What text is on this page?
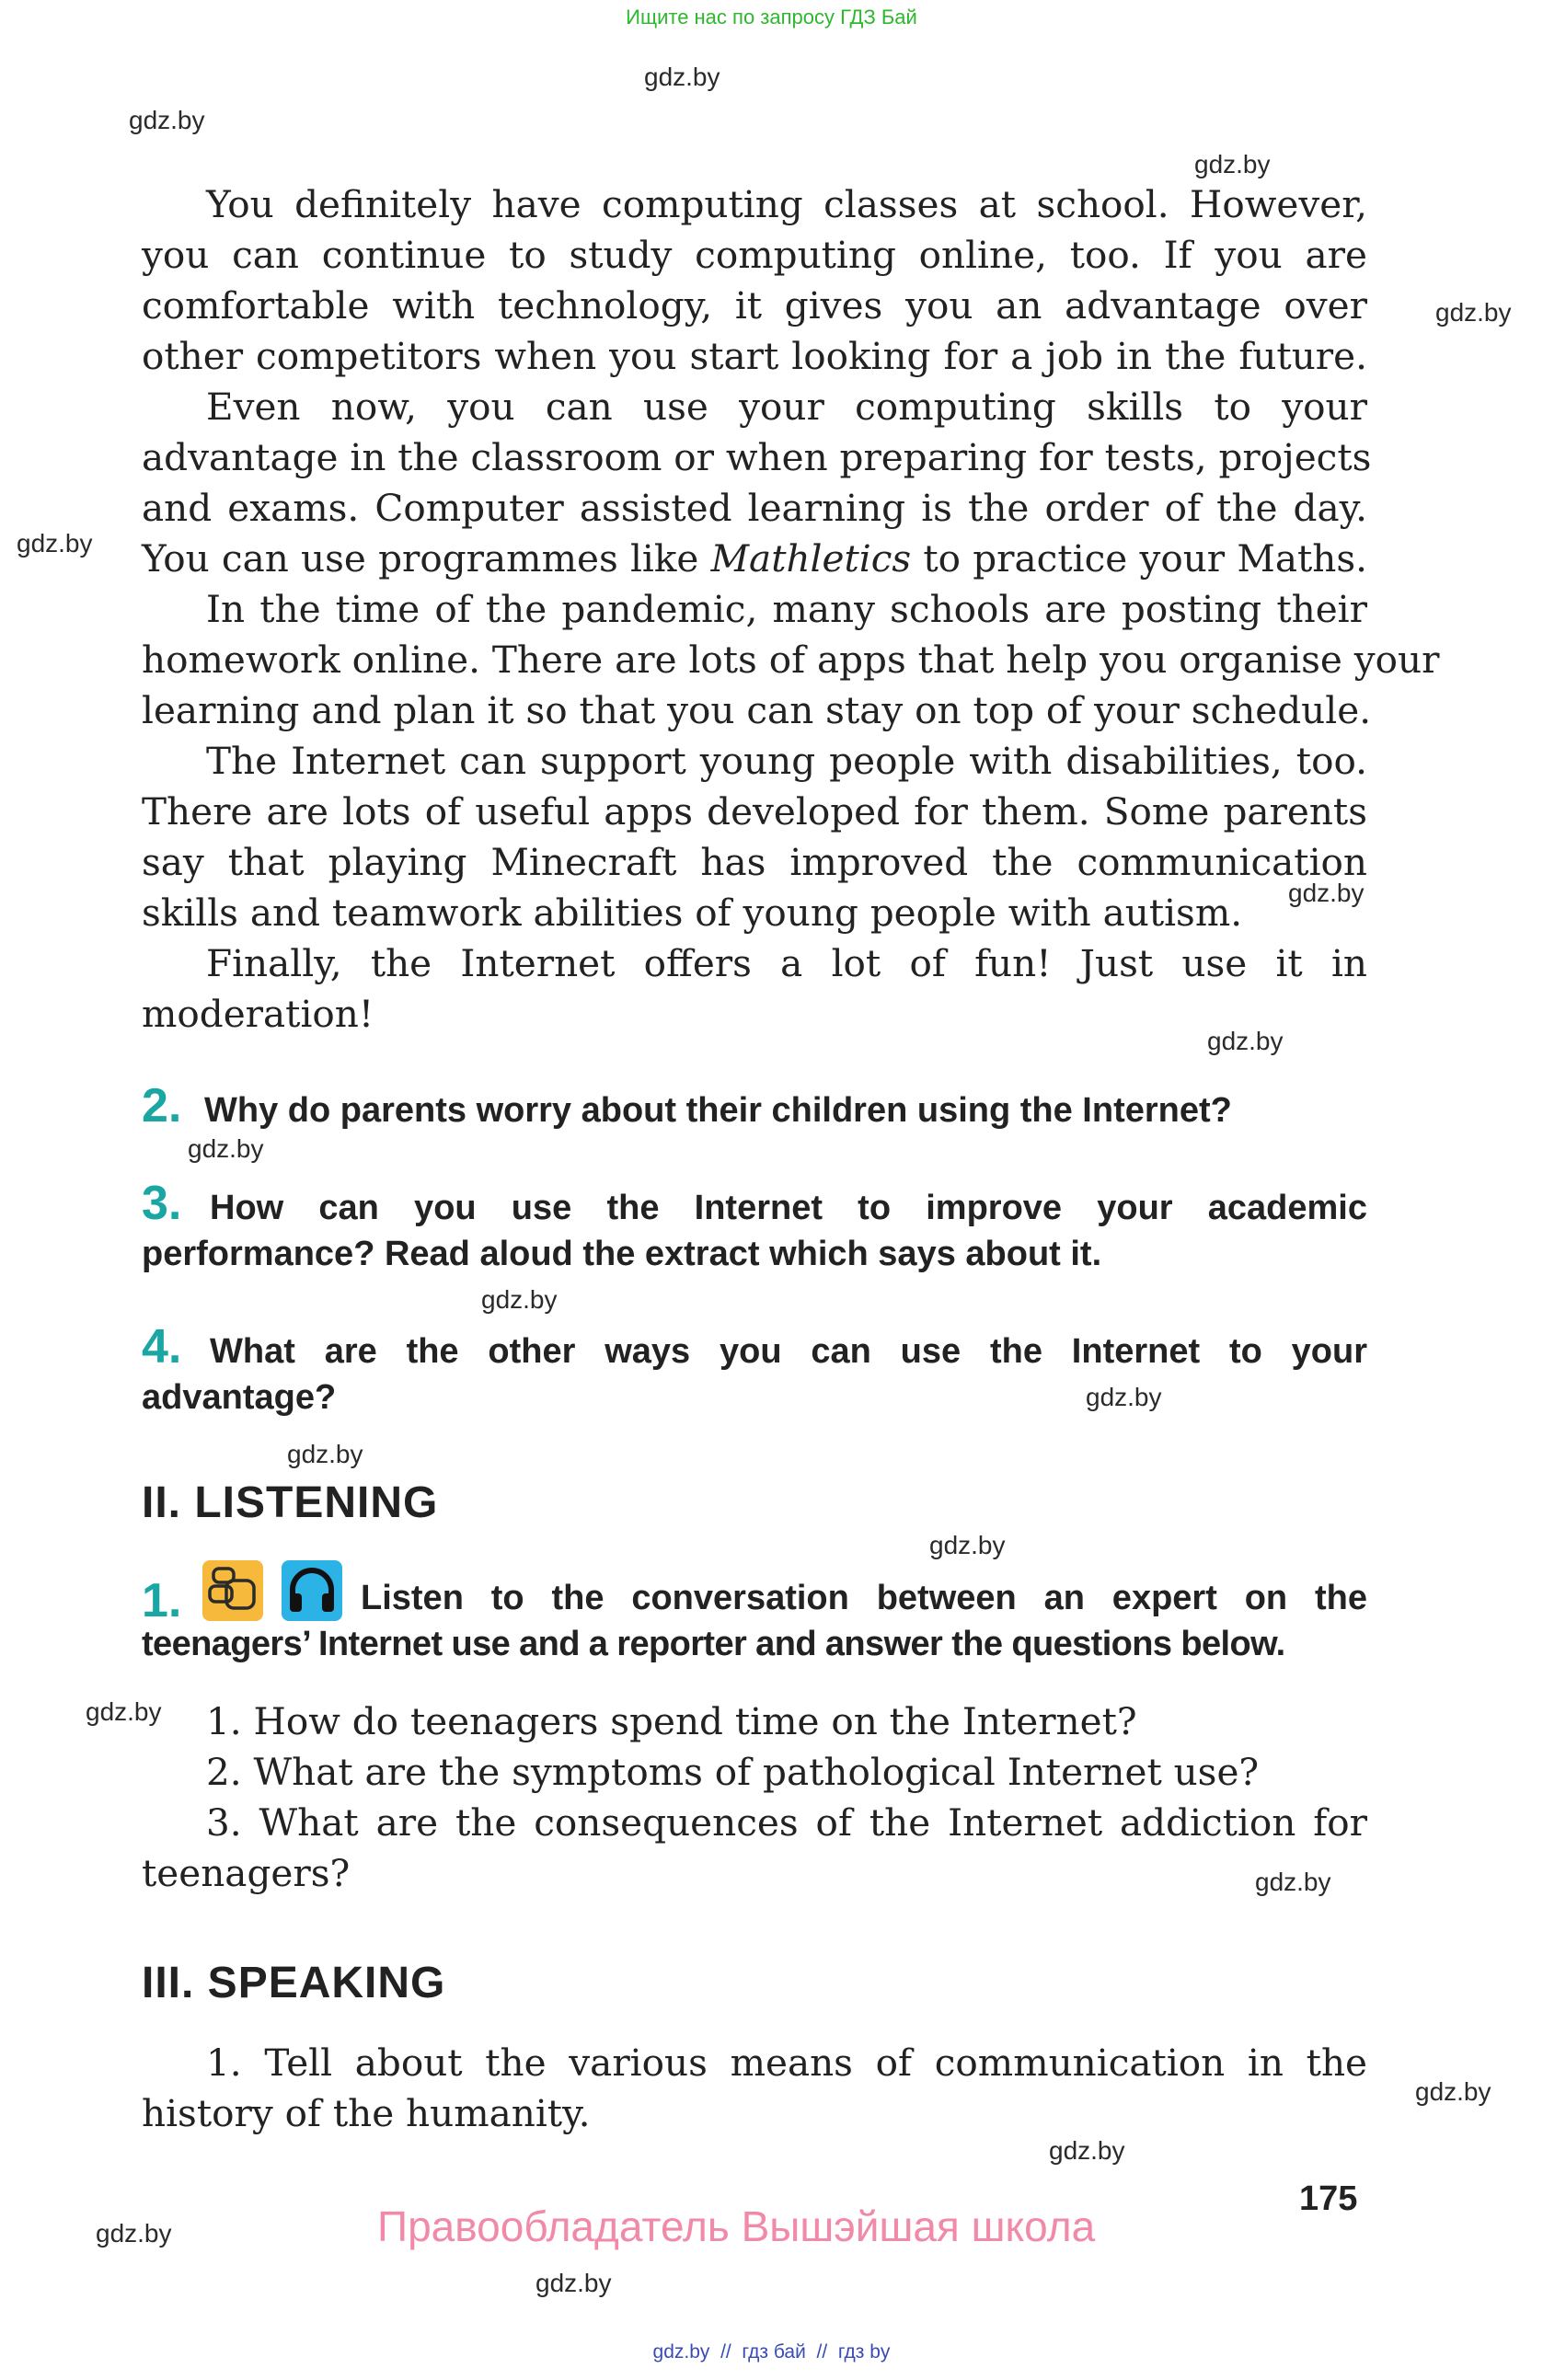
Ищите нас по запросу ГДЗ Бай
gdz.by
gdz.by
gdz.by
gdz.by
gdz.by
gdz.by
gdz.by
gdz.by
gdz.by
gdz.by
gdz.by
gdz.by
gdz.by
gdz.by
gdz.by
gdz.by
gdz.by
gdz.by
You definitely have computing classes at school. However,
you can continue to study computing online, too. If you are
comfortable with technology, it gives you an advantage over
other competitors when you start looking for a job in the future.
Even now, you can use your computing skills to your
advantage in the classroom or when preparing for tests, projects
and exams. Computer assisted learning is the order of the day.
You can use programmes like Mathletics to practice your Maths.
In the time of the pandemic, many schools are posting their
homework online. There are lots of apps that help you organise your
learning and plan it so that you can stay on top of your schedule.
The Internet can support young people with disabilities, too.
There are lots of useful apps developed for them. Some parents
say that playing Minecraft has improved the communication
skills and teamwork abilities of young people with autism.
Finally, the Internet offers a lot of fun! Just use it in
moderation!
2. Why do parents worry about their children using the Internet?
3. How can you use the Internet to improve your academic
performance? Read aloud the extract which says about it.
4. What are the other ways you can use the Internet to your
advantage?
II. LISTENING
1.	Listen to the conversation between an expert on the
teenagers’ Internet use and a reporter and answer the questions below.
1. How do teenagers spend time on the Internet?
2. What are the symptoms of pathological Internet use?
3. What are the consequences of the Internet addiction for
teenagers?
III. SPEAKING
1. Tell about the various means of communication in the
history of the humanity.
175
Правообладатель Вышэйшая школа
gdz.by  //  гдз бай  //  гдз by
